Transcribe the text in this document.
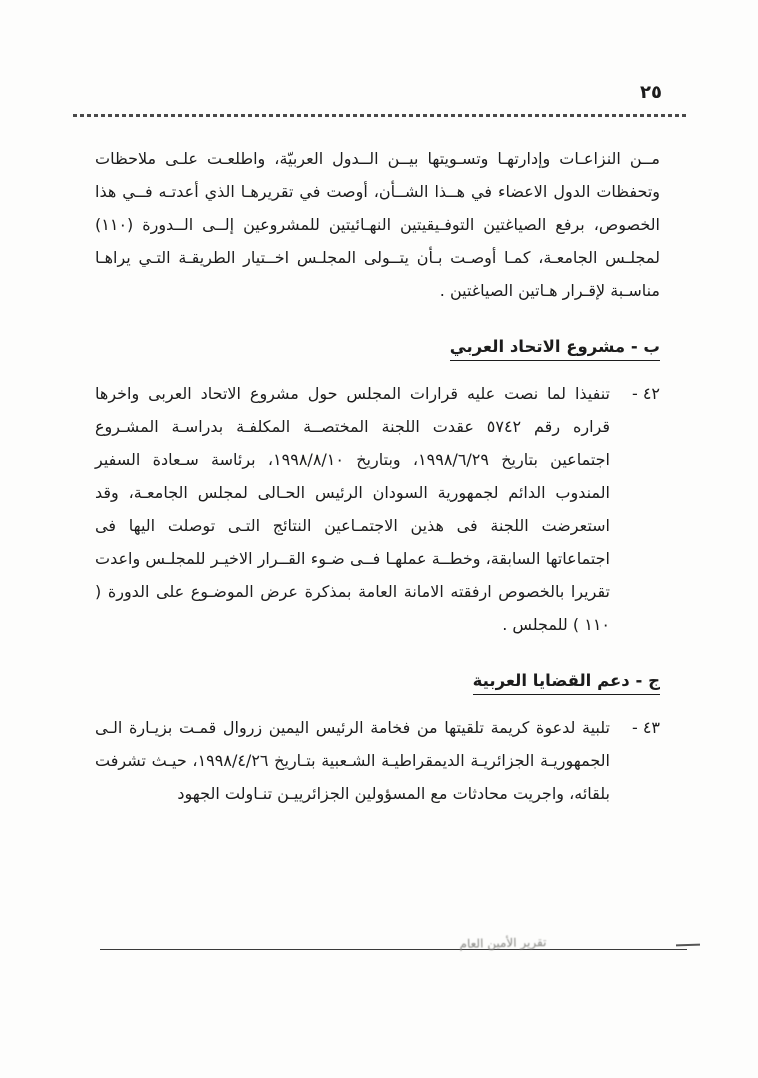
٢٥

مــن النزاعـات وإدارتهـا وتسـويتها بيــن الــدول العربيّة، واطلعـت علـى ملاحظات وتحفظات الدول الاعضاء في هــذا الشــأن، أوصت في تقريرهـا الذي أعدتـه فــي هذا الخصوص، برفع الصياغتين التوفـيقيتين النهـائيتين للمشروعين إلــى الــدورة (١١٠) لمجلـس الجامعـة، كمـا أوصـت بـأن يتــولى المجلـس اخــتيار الطريقـة التـي يراهـا مناسـبة لإقـرار هـاتين الصياغتين .

ب - مشروع الاتحاد العربي
٤٢ -

تنفيذا لما نصت عليه قرارات المجلس حول مشروع الاتحاد العربى واخرها قراره رقم ٥٧٤٢ عقدت اللجنة المختصــة المكلفـة بدراسـة المشـروع اجتماعين بتاريخ ١٩٩٨/٦/٢٩، وبتاريخ ١٩٩٨/٨/١٠، برئاسة سـعادة السفير المندوب الدائم لجمهورية السودان الرئيس الحـالى لمجلس الجامعـة، وقد استعرضت اللجنة فى هذين الاجتمـاعين النتائج التـى توصلت اليها فى اجتماعاتها السابقة، وخطــة عملهـا فــى ضـوء القــرار الاخيـر للمجلـس واعدت تقريرا بالخصوص ارفقته الامانة العامة بمذكرة عرض الموضـوع على الدورة ( ١١٠ ) للمجلس .

ج - دعم القضايا العربية
٤٣ -

تلبية لدعوة كريمة تلقيتها من فخامة الرئيس اليمين زروال قمـت بزيـارة الـى الجمهوريـة الجزائريـة الديمقراطيـة الشـعبية بتـاريخ ١٩٩٨/٤/٢٦، حيـث تشرفت بلقائه، واجريت محادثات مع المسؤولين الجزائرييـن تنـاولت الجهود

تقرير الأمين العام
